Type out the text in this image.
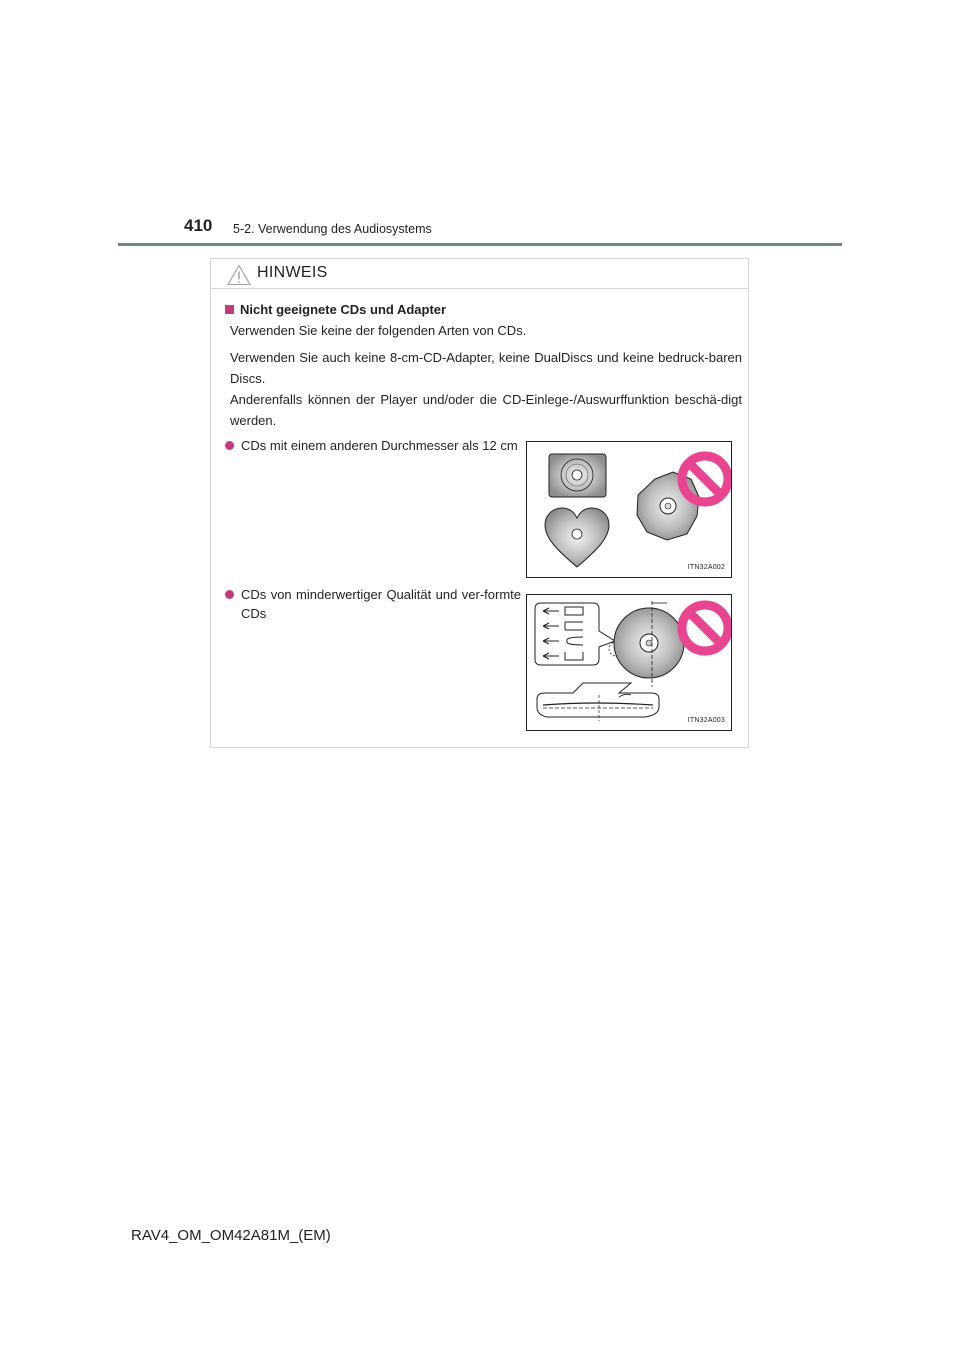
410 5-2. Verwendung des Audiosystems
HINWEIS
Nicht geeignete CDs und Adapter
Verwenden Sie keine der folgenden Arten von CDs.
Verwenden Sie auch keine 8-cm-CD-Adapter, keine DualDiscs und keine bedruck-baren Discs.
Anderenfalls können der Player und/oder die CD-Einlege-/Auswurffunktion beschä-digt werden.
CDs mit einem anderen Durchmesser als 12 cm
ITN32A002
CDs von minderwertiger Qualität und ver-formte CDs
ITN32A003
RAV4_OM_OM42A81M_(EM)
